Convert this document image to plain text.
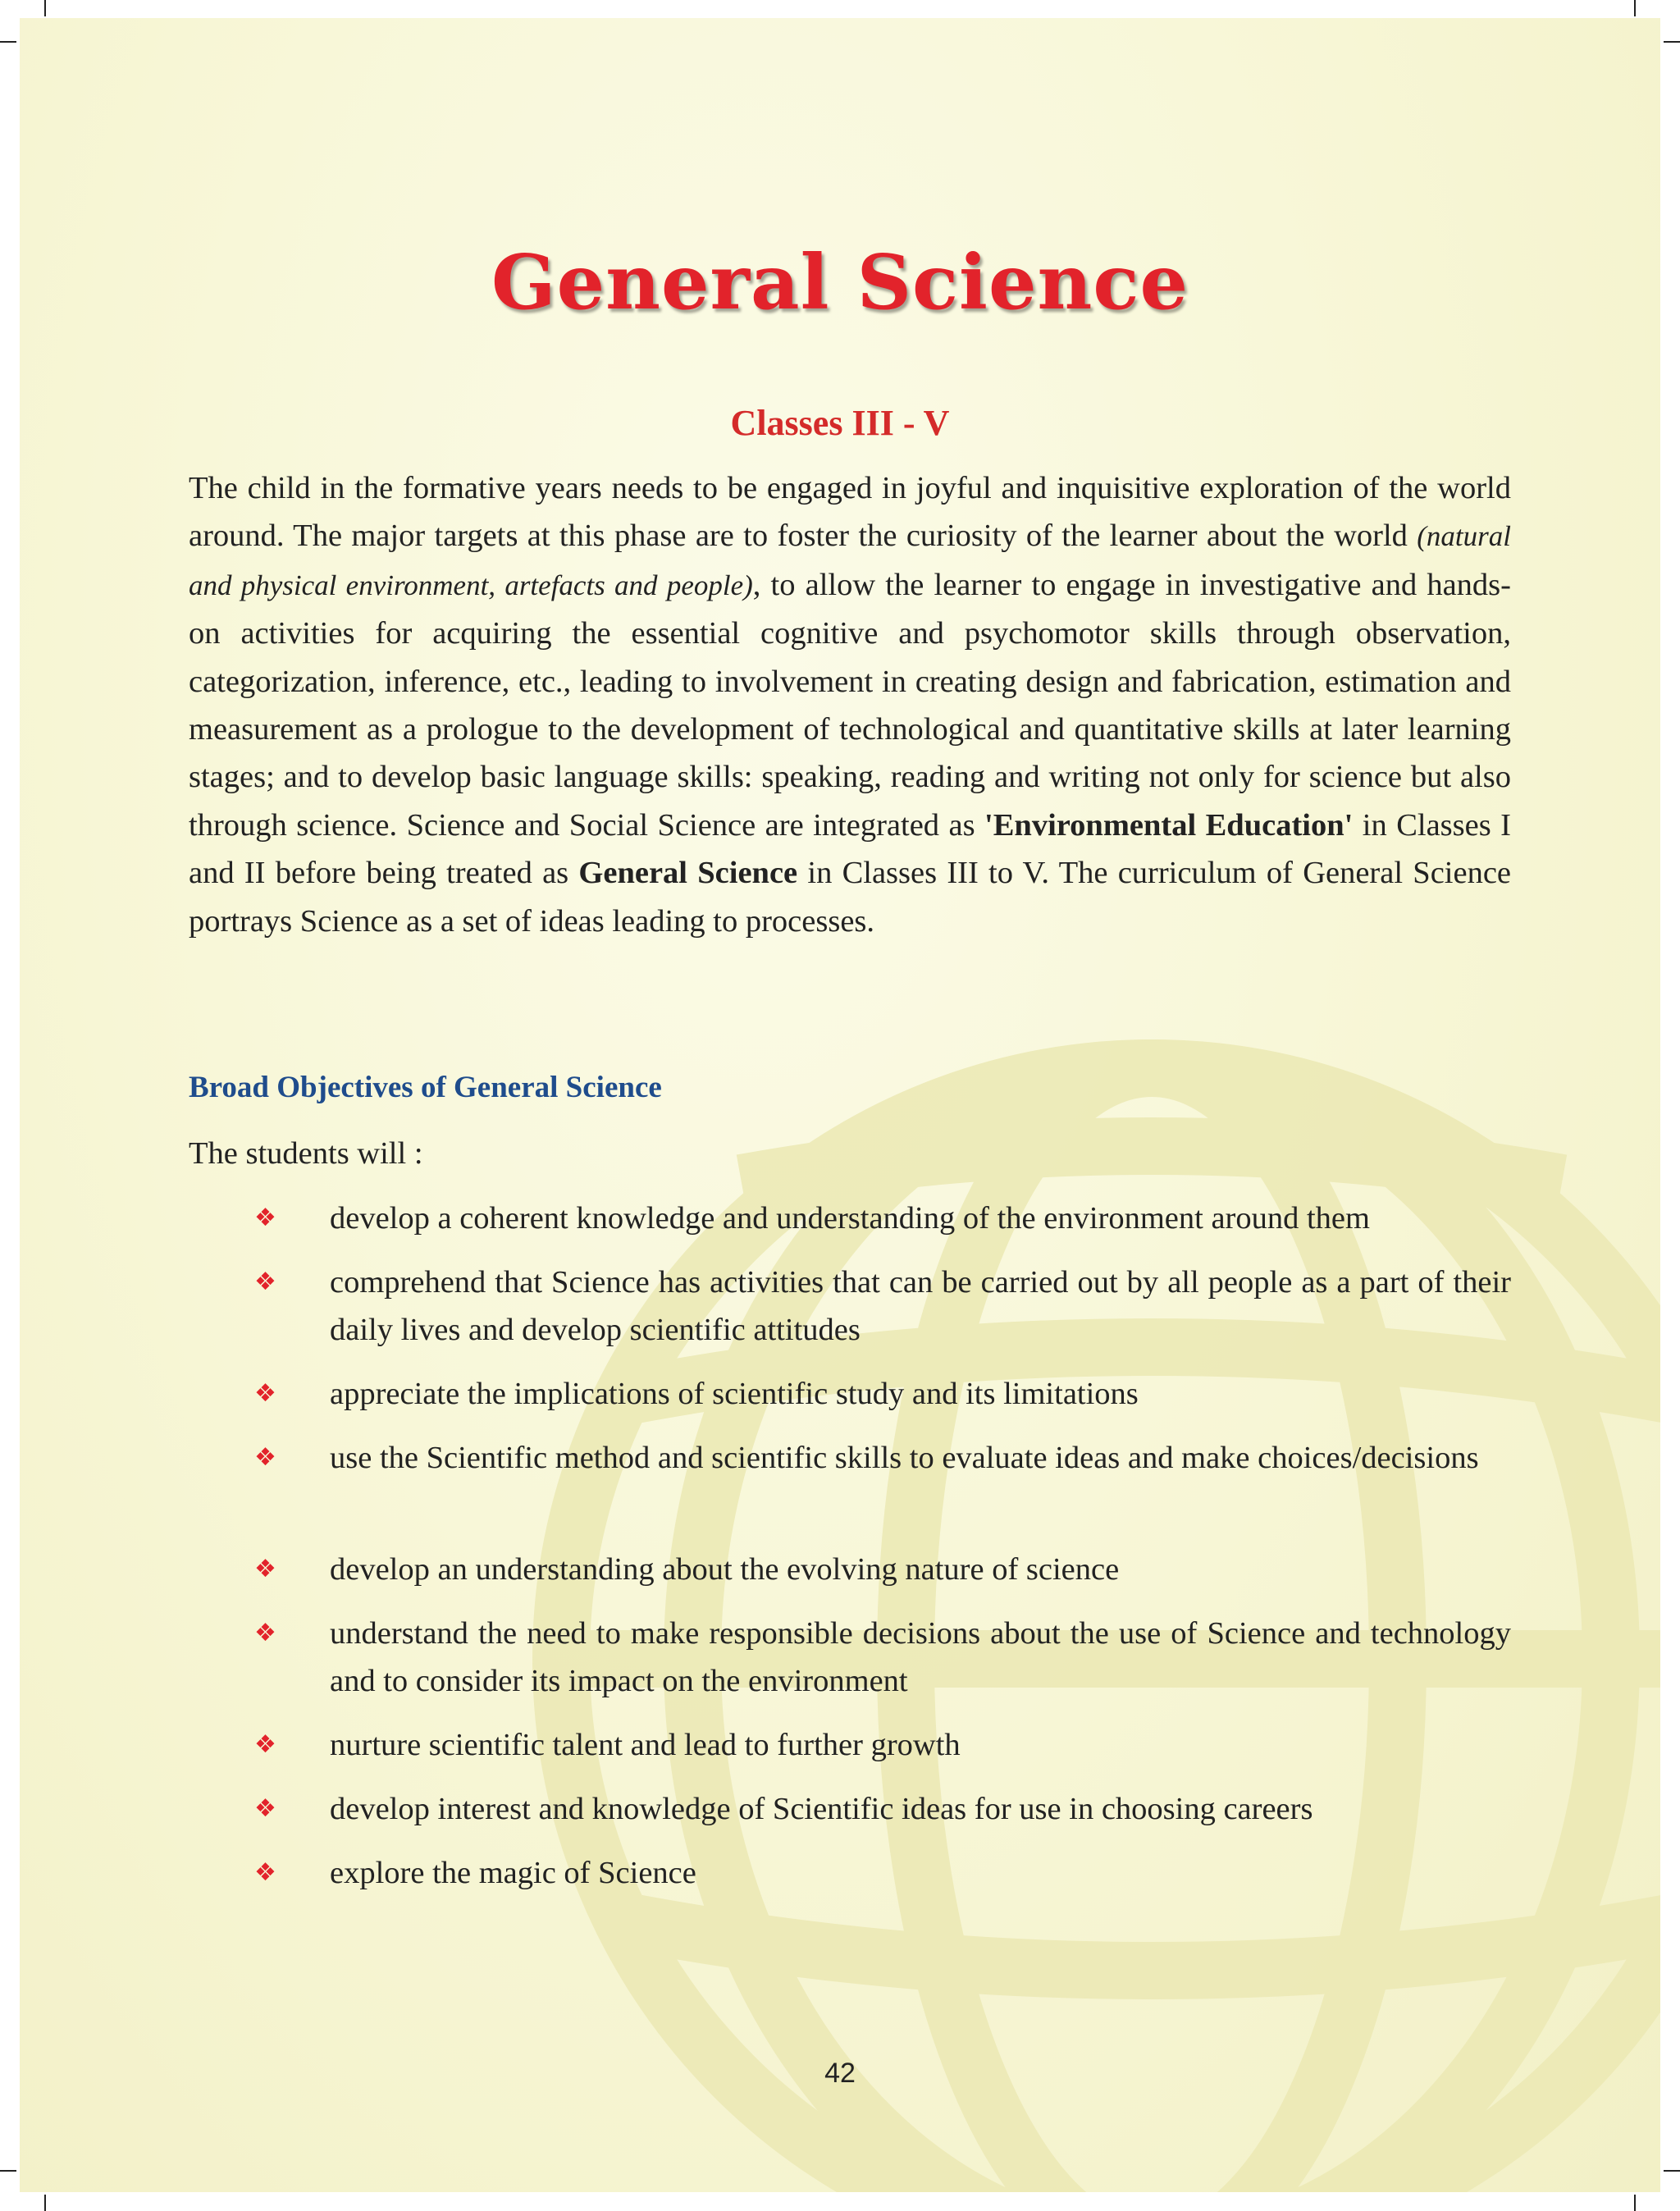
General Science
Classes III - V
The child in the formative years needs to be engaged in joyful and inquisitive exploration of the world around. The major targets at this phase are to foster the curiosity of the learner about the world (natural and physical environment, artefacts and people), to allow the learner to engage in investigative and hands-on activities for acquiring the essential cognitive and psychomotor skills through observation, categorization, inference, etc., leading to involvement in creating design and fabrication, estimation and measurement as a prologue to the development of technological and quantitative skills at later learning stages; and to develop basic language skills: speaking, reading and writing not only for science but also through science. Science and Social Science are integrated as 'Environmental Education' in Classes I and II before being treated as General Science in Classes III to V. The curriculum of General Science portrays Science as a set of ideas leading to processes.
Broad Objectives of General Science
The students will :
❖ develop a coherent knowledge and understanding of the environment around them
❖ comprehend that Science has activities that can be carried out by all people as a part of their daily lives and develop scientific attitudes
❖ appreciate the implications of scientific study and its limitations
❖ use the Scientific method and scientific skills to evaluate ideas and make choices/decisions
❖ develop an understanding about the evolving nature of science
❖ understand the need to make responsible decisions about the use of Science and technology and to consider its impact on the environment
❖ nurture scientific talent and lead to further growth
❖ develop interest and knowledge of Scientific ideas for use in choosing careers
❖ explore the magic of Science
42
